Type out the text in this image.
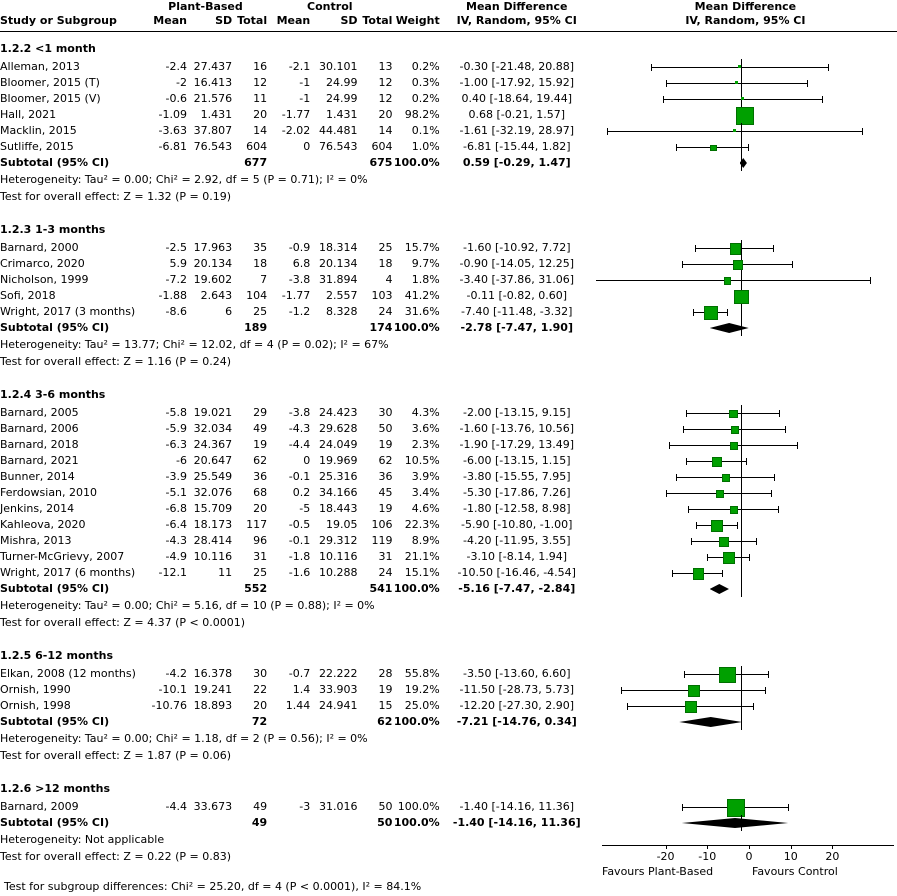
	Plant-Based			Control				Mean Difference	Mean Difference
Study or Subgroup	Mean	SD	Total	Mean	SD	Total	Weight	IV, Random, 95% CI	IV, Random, 95% CI

1.2.2 <1 month									
Alleman, 2013	-2.4	27.437	16	-2.1	30.101	13	0.2%	-0.30 [-21.48, 20.88]	

Bloomer, 2015 (T)	-2	16.413	12	-1	24.99	12	0.3%	-1.00 [-17.92, 15.92]	

Bloomer, 2015 (V)	-0.6	21.576	11	-1	24.99	12	0.2%	0.40 [-18.64, 19.44]	

Hall, 2021	-1.09	1.431	20	-1.77	1.431	20	98.2%	0.68 [-0.21, 1.57]	

Macklin, 2015	-3.63	37.807	14	-2.02	44.481	14	0.1%	-1.61 [-32.19, 28.97]	

Sutliffe, 2015	-6.81	76.543	604	0	76.543	604	1.0%	-6.81 [-15.44, 1.82]	

Subtotal (95% CI)			677			675	100.0%	0.59 [-0.29, 1.47]	

Heterogeneity: Tau² = 0.00; Chi² = 2.92, df = 5 (P = 0.71); I² = 0%									
Test for overall effect: Z = 1.32 (P = 0.19)									

1.2.3 1-3 months									
Barnard, 2000	-2.5	17.963	35	-0.9	18.314	25	15.7%	-1.60 [-10.92, 7.72]	

Crimarco, 2020	5.9	20.134	18	6.8	20.134	18	9.7%	-0.90 [-14.05, 12.25]	

Nicholson, 1999	-7.2	19.602	7	-3.8	31.894	4	1.8%	-3.40 [-37.86, 31.06]	

Sofi, 2018	-1.88	2.643	104	-1.77	2.557	103	41.2%	-0.11 [-0.82, 0.60]	

Wright, 2017 (3 months)	-8.6	6	25	-1.2	8.328	24	31.6%	-7.40 [-11.48, -3.32]	

Subtotal (95% CI)			189			174	100.0%	-2.78 [-7.47, 1.90]	

Heterogeneity: Tau² = 13.77; Chi² = 12.02, df = 4 (P = 0.02); I² = 67%									
Test for overall effect: Z = 1.16 (P = 0.24)									

1.2.4 3-6 months									
Barnard, 2005	-5.8	19.021	29	-3.8	24.423	30	4.3%	-2.00 [-13.15, 9.15]	

Barnard, 2006	-5.9	32.034	49	-4.3	29.628	50	3.6%	-1.60 [-13.76, 10.56]	

Barnard, 2018	-6.3	24.367	19	-4.4	24.049	19	2.3%	-1.90 [-17.29, 13.49]	

Barnard, 2021	-6	20.647	62	0	19.969	62	10.5%	-6.00 [-13.15, 1.15]	

Bunner, 2014	-3.9	25.549	36	-0.1	25.316	36	3.9%	-3.80 [-15.55, 7.95]	

Ferdowsian, 2010	-5.1	32.076	68	0.2	34.166	45	3.4%	-5.30 [-17.86, 7.26]	

Jenkins, 2014	-6.8	15.709	20	-5	18.443	19	4.6%	-1.80 [-12.58, 8.98]	

Kahleova, 2020	-6.4	18.173	117	-0.5	19.05	106	22.3%	-5.90 [-10.80, -1.00]	

Mishra, 2013	-4.3	28.414	96	-0.1	29.312	119	8.9%	-4.20 [-11.95, 3.55]	

Turner-McGrievy, 2007	-4.9	10.116	31	-1.8	10.116	31	21.1%	-3.10 [-8.14, 1.94]	

Wright, 2017 (6 months)	-12.1	11	25	-1.6	10.288	24	15.1%	-10.50 [-16.46, -4.54]	

Subtotal (95% CI)			552			541	100.0%	-5.16 [-7.47, -2.84]	

Heterogeneity: Tau² = 0.00; Chi² = 5.16, df = 10 (P = 0.88); I² = 0%									
Test for overall effect: Z = 4.37 (P < 0.0001)									

1.2.5 6-12 months									
Elkan, 2008 (12 months)	-4.2	16.378	30	-0.7	22.222	28	55.8%	-3.50 [-13.60, 6.60]	

Ornish, 1990	-10.1	19.241	22	1.4	33.903	19	19.2%	-11.50 [-28.73, 5.73]	

Ornish, 1998	-10.76	18.893	20	1.44	24.941	15	25.0%	-12.20 [-27.30, 2.90]	

Subtotal (95% CI)			72			62	100.0%	-7.21 [-14.76, 0.34]	

Heterogeneity: Tau² = 0.00; Chi² = 1.18, df = 2 (P = 0.56); I² = 0%									
Test for overall effect: Z = 1.87 (P = 0.06)									

1.2.6 >12 months									
Barnard, 2009	-4.4	33.673	49	-3	31.016	50	100.0%	-1.40 [-14.16, 11.36]	

Subtotal (95% CI)			49			50	100.0%	-1.40 [-14.16, 11.36]	

Heterogeneity: Not applicable									
Test for overall effect: Z = 0.22 (P = 0.83)										-20	-10	0	10	20
Favours Plant-Based	Favours Control
Test for subgroup differences: Chi² = 25.20, df = 4 (P < 0.0001), I² = 84.1%
